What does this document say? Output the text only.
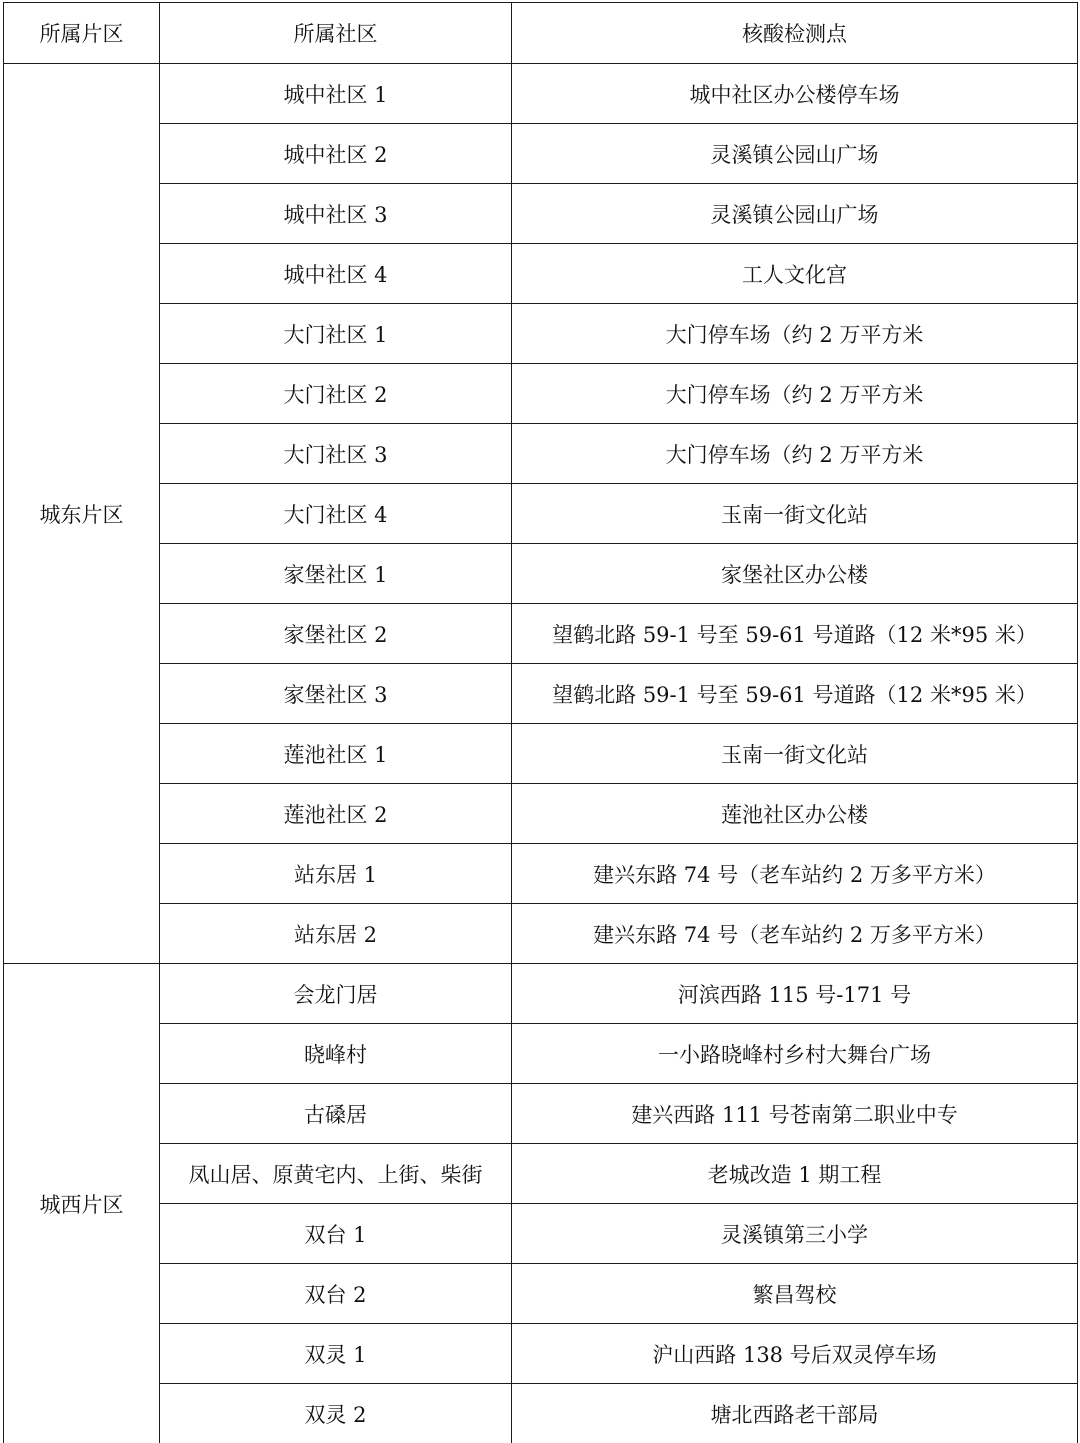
所属片区	所属社区	核酸检测点
城东片区	城中社区 1	城中社区办公楼停车场
	城中社区 2	灵溪镇公园山广场
	城中社区 3	灵溪镇公园山广场
	城中社区 4	工人文化宫
	大门社区 1	大门停车场（约 2 万平方米
	大门社区 2	大门停车场（约 2 万平方米
	大门社区 3	大门停车场（约 2 万平方米
	大门社区 4	玉南一街文化站
	家堡社区 1	家堡社区办公楼
	家堡社区 2	望鹤北路 59-1 号至 59-61 号道路（12 米*95 米）
	家堡社区 3	望鹤北路 59-1 号至 59-61 号道路（12 米*95 米）
	莲池社区 1	玉南一街文化站
	莲池社区 2	莲池社区办公楼
	站东居 1	建兴东路 74 号（老车站约 2 万多平方米）
	站东居 2	建兴东路 74 号（老车站约 2 万多平方米）
城西片区	会龙门居	河滨西路 115 号-171 号
	晓峰村	一小路晓峰村乡村大舞台广场
	古磉居	建兴西路 111 号苍南第二职业中专
	凤山居、原黄宅内、上街、柴街	老城改造 1 期工程
	双台 1	灵溪镇第三小学
	双台 2	繁昌驾校
	双灵 1	沪山西路 138 号后双灵停车场
	双灵 2	塘北西路老干部局
